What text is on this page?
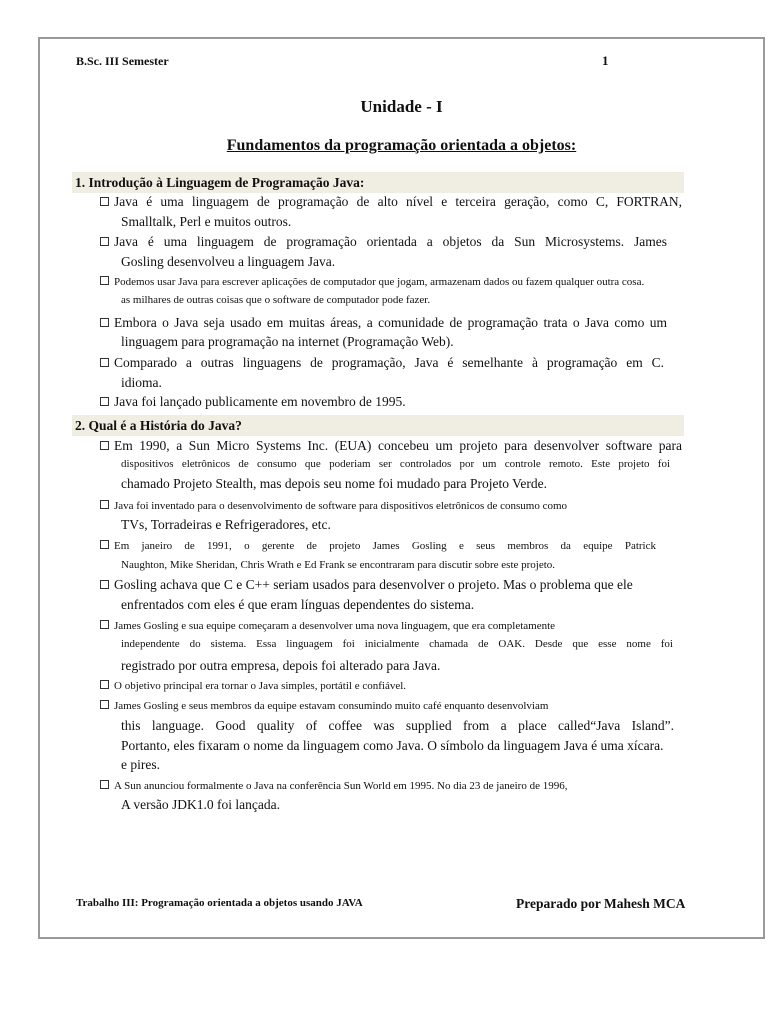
B.Sc. III Semester	1
Unidade - I
Fundamentos da programação orientada a objetos:
1. Introdução à Linguagem de Programação Java:
Java é uma linguagem de programação de alto nível e terceira geração, como C, FORTRAN,
Smalltalk, Perl e muitos outros.
Java é uma linguagem de programação orientada a objetos da Sun Microsystems. James
Gosling desenvolveu a linguagem Java.
Podemos usar Java para escrever aplicações de computador que jogam, armazenam dados ou fazem qualquer outra cosa.
as milhares de outras coisas que o software de computador pode fazer.
Embora o Java seja usado em muitas áreas, a comunidade de programação trata o Java como um
linguagem para programação na internet (Programação Web).
Comparado a outras linguagens de programação, Java é semelhante à programação em C.
idioma.
Java foi lançado publicamente em novembro de 1995.
2. Qual é a História do Java?
Em 1990, a Sun Micro Systems Inc. (EUA) concebeu um projeto para desenvolver software para
dispositivos eletrônicos de consumo que poderiam ser controlados por um controle remoto. Este projeto foi
chamado Projeto Stealth, mas depois seu nome foi mudado para Projeto Verde.
Java foi inventado para o desenvolvimento de software para dispositivos eletrônicos de consumo como
TVs, Torradeiras e Refrigeradores, etc.
Em janeiro de 1991, o gerente de projeto James Gosling e seus membros da equipe Patrick
Naughton, Mike Sheridan, Chris Wrath e Ed Frank se encontraram para discutir sobre este projeto.
Gosling achava que C e C++ seriam usados para desenvolver o projeto. Mas o problema que ele
enfrentados com eles é que eram línguas dependentes do sistema.
James Gosling e sua equipe começaram a desenvolver uma nova linguagem, que era completamente
independente do sistema. Essa linguagem foi inicialmente chamada de OAK. Desde que esse nome foi
registrado por outra empresa, depois foi alterado para Java.
O objetivo principal era tornar o Java simples, portátil e confiável.
James Gosling e seus membros da equipe estavam consumindo muito café enquanto desenvolviam
this language. Good quality of coffee was supplied from a place called“Java Island”.
Portanto, eles fixaram o nome da linguagem como Java. O símbolo da linguagem Java é uma xícara.
e pires.
A Sun anunciou formalmente o Java na conferência Sun World em 1995. No dia 23 de janeiro de 1996,
A versão JDK1.0 foi lançada.
Trabalho III: Programação orientada a objetos usando JAVA	Preparado por Mahesh MCA
